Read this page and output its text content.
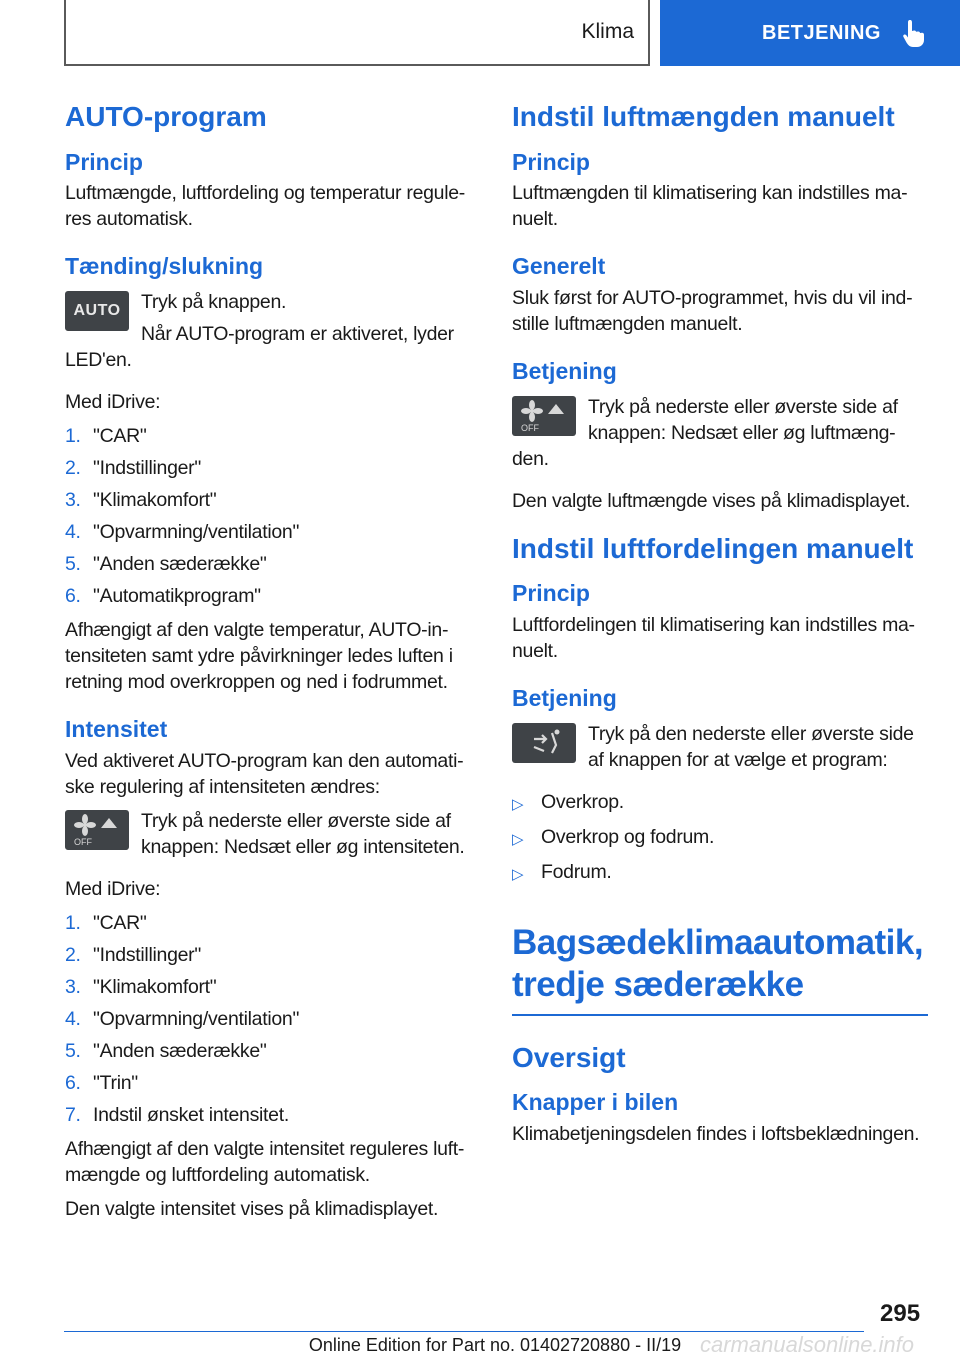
Klima	BETJENING
AUTO-program
Princip

Luftmængde, luftfordeling og temperatur regule-res automatisk.

Tænding/slukning
AUTO	Tryk på knappen.

Når AUTO-program er aktiveret, lyder LED'en.

Med iDrive:

1. "CAR"
2. "Indstillinger"
3. "Klimakomfort"
4. "Opvarmning/ventilation"
5. "Anden sæderække"
6. "Automatikprogram"

Afhængigt af den valgte temperatur, AUTO-in-tensiteten samt ydre påvirkninger ledes luften i retning mod overkroppen og ned i fodrummet.

Intensitet

Ved aktiveret AUTO-program kan den automati-ske regulering af intensiteten ændres:

OFF

Tryk på nederste eller øverste side af knappen: Nedsæt eller øg intensiteten.

Med iDrive:

1. "CAR"
2. "Indstillinger"
3. "Klimakomfort"
4. "Opvarmning/ventilation"
5. "Anden sæderække"
6. "Trin"
7. Indstil ønsket intensitet.

Afhængigt af den valgte intensitet reguleres luft-mængde og luftfordeling automatisk.

Den valgte intensitet vises på klimadisplayet.

Indstil luftmængden manuelt
Princip

Luftmængden til klimatisering kan indstilles ma-nuelt.

Generelt

Sluk først for AUTO-programmet, hvis du vil ind-stille luftmængden manuelt.

Betjening
OFF

Tryk på nederste eller øverste side af knappen: Nedsæt eller øg luftmæng-den.

Den valgte luftmængde vises på klimadisplayet.

Indstil luftfordelingen manuelt
Princip

Luftfordelingen til klimatisering kan indstilles ma-nuelt.

Betjening

Tryk på den nederste eller øverste side af knappen for at vælge et program:

▷ Overkrop.
▷ Overkrop og fodrum.
▷ Fodrum.
Bagsædeklimaautomatik, tredje sæderække
Oversigt
Knapper i bilen

Klimabetjeningsdelen findes i loftsbeklædningen.

295
Online Edition for Part no. 01402720880 - II/19 carmanualsonline.info
